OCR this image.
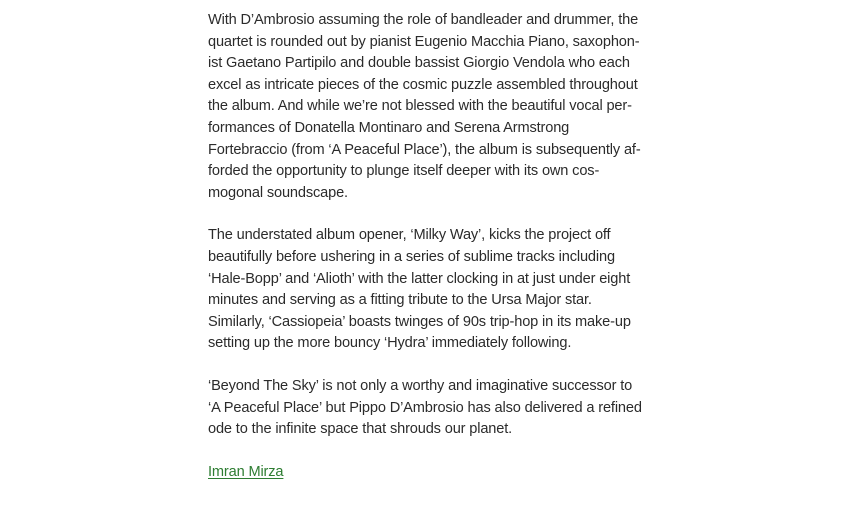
With D’Ambrosio assuming the role of bandleader and drummer, the
quartet is rounded out by pianist Eugenio Macchia Piano, saxophon-
ist Gaetano Partipilo and double bassist Giorgio Vendola who each
excel as intricate pieces of the cosmic puzzle assembled throughout
the album. And while we’re not blessed with the beautiful vocal per-
formances of Donatella Montinaro and Serena Armstrong
Fortebraccio (from ‘A Peaceful Place’), the album is subsequently af-
forded the opportunity to plunge itself deeper with its own cos-
mogonal soundscape.

The understated album opener, ‘Milky Way’, kicks the project off
beautifully before ushering in a series of sublime tracks including
‘Hale-Bopp’ and ‘Alioth’ with the latter clocking in at just under eight
minutes and serving as a fitting tribute to the Ursa Major star.
Similarly, ‘Cassiopeia’ boasts twinges of 90s trip-hop in its make-up
setting up the more bouncy ‘Hydra’ immediately following.

‘Beyond The Sky’ is not only a worthy and imaginative successor to
‘A Peaceful Place’ but Pippo D’Ambrosio has also delivered a refined
ode to the infinite space that shrouds our planet.

Imran Mirza
